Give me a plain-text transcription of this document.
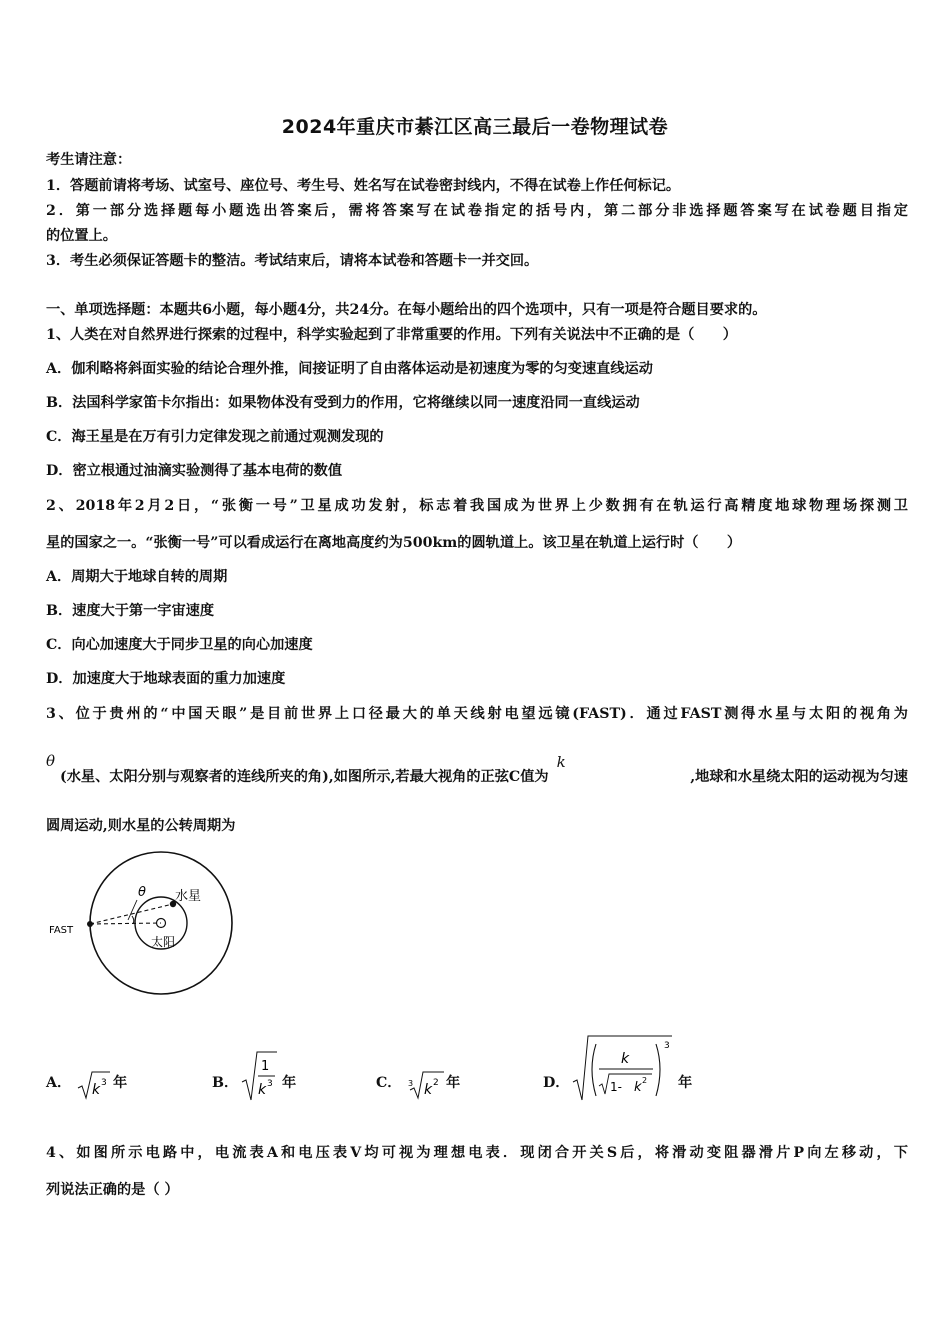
2024年重庆市綦江区高三最后一卷物理试卷
考生请注意：
1．答题前请将考场、试室号、座位号、考生号、姓名写在试卷密封线内，不得在试卷上作任何标记。
2．第一部分选择题每小题选出答案后，需将答案写在试卷指定的括号内，第二部分非选择题答案写在试卷题目指定
的位置上。
3．考生必须保证答题卡的整洁。考试结束后，请将本试卷和答题卡一并交回。
一、单项选择题：本题共6小题，每小题4分，共24分。在每小题给出的四个选项中，只有一项是符合题目要求的。
1、人类在对自然界进行探索的过程中，科学实验起到了非常重要的作用。下列有关说法中不正确的是（　　）
A．伽利略将斜面实验的结论合理外推，间接证明了自由落体运动是初速度为零的匀变速直线运动
B．法国科学家笛卡尔指出：如果物体没有受到力的作用，它将继续以同一速度沿同一直线运动
C．海王星是在万有引力定律发现之前通过观测发现的
D．密立根通过油滴实验测得了基本电荷的数值
2、2018年2月2日，“张衡一号”卫星成功发射，标志着我国成为世界上少数拥有在轨运行高精度地球物理场探测卫
星的国家之一。“张衡一号”可以看成运行在离地高度约为500km的圆轨道上。该卫星在轨道上运行时（　　）
A．周期大于地球自转的周期
B．速度大于第一宇宙速度
C．向心加速度大于同步卫星的向心加速度
D．加速度大于地球表面的重力加速度
3、位于贵州的“中国天眼”是目前世界上口径最大的单天线射电望远镜(FAST)．通过FAST测得水星与太阳的视角为
θ
(水星、太阳分别与观察者的连线所夹的角),如图所示,若最大视角的正弦C值为
k
,地球和水星绕太阳的运动视为匀速
圆周运动,则水星的公转周期为
θ 水星
太阳
FAST
A． k 3 年	B．
1
k 3 年	C． 3 k 2 年	D．
3
k
1- k 2 年
4、如图所示电路中，电流表A和电压表V均可视为理想电表．现闭合开关S后，将滑动变阻器滑片P向左移动，下
列说法正确的是（ ）
